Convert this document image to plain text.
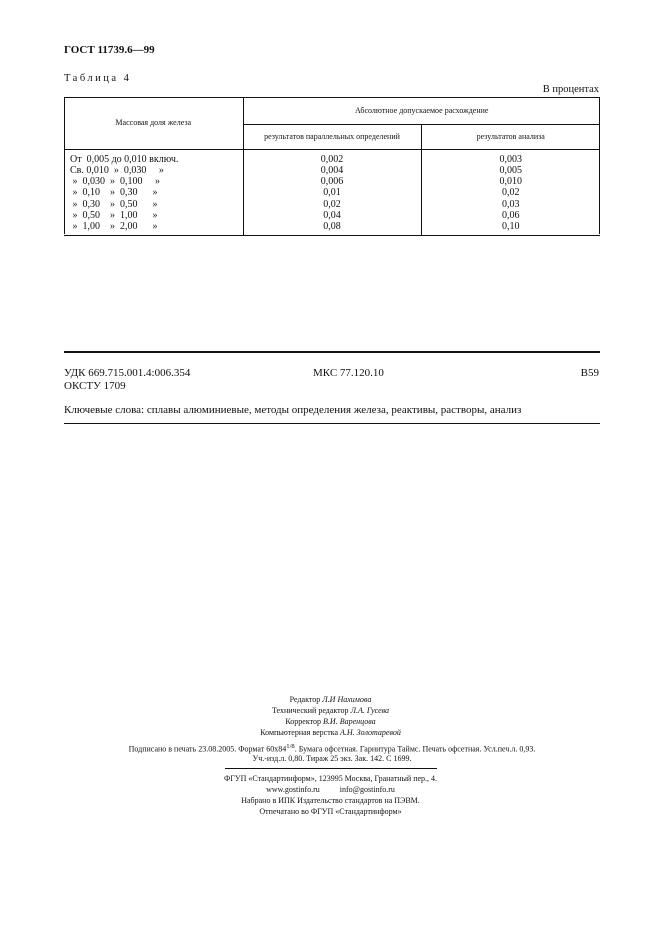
ГОСТ 11739.6—99
Таблица 4
В процентах
Массовая доля железа	Абсолютное допускаемое расхождение	
	результатов параллельных определений	результатов анализа
От  0,005 до 0,010 включ.	0,002	0,003
Св. 0,010  »  0,030     »	0,004	0,005
»  0,030  »  0,100     »	0,006	0,010
»  0,10    »  0,30      »	0,01	0,02
»  0,30    »  0,50      »	0,02	0,03
»  0,50    »  1,00      »	0,04	0,06
»  1,00    »  2,00      »	0,08	0,10
УДК 669.715.001.4:006.354
ОКСТУ 1709
МКС 77.120.10	В59
Ключевые слова: сплавы алюминиевые, методы определения железа, реактивы, растворы, анализ
Редактор Л.И Нахимова
Технический редактор Л.А. Гусева
Корректор В.И. Варенцова
Компьютерная верстка А.Н. Золотаревой
Подписано в печать 23.08.2005. Формат $60x84^{1/8}$. Бумага офсетная. Гарнитура Таймс. Печать офсетная. Усл.печ.л. 0,93.
Уч.-изд.л. 0,80. Тираж 25 экз. Зак. 142. С 1699.
ФГУП «Стандартинформ», 123995 Москва, Гранатный пер., 4.
www.gostinfo.ru          info@gostinfo.ru
Набрано в ИПК Издательство стандартов на ПЭВМ.
Отпечатано во ФГУП «Стандартинформ»
